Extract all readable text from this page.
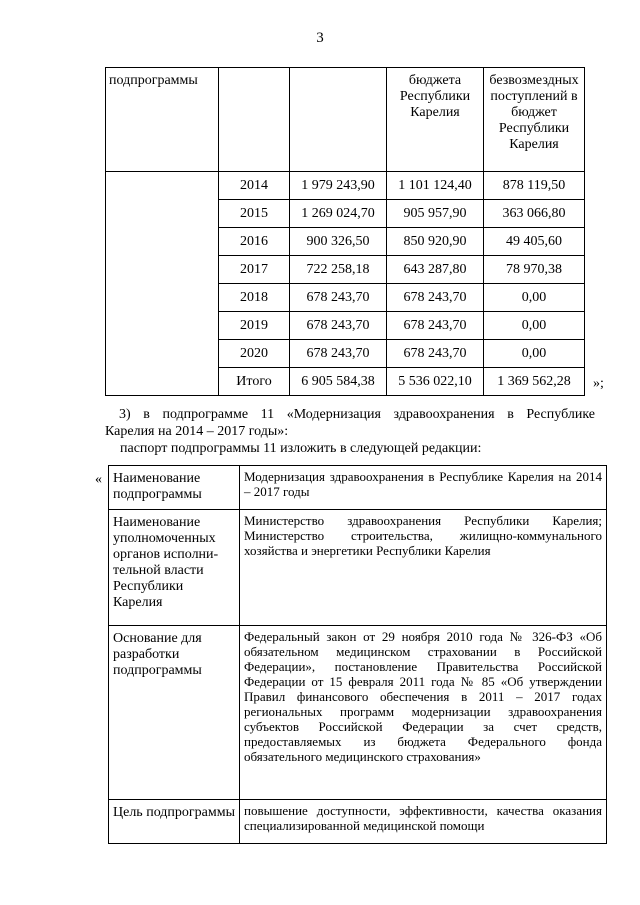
3
подпрограммы			бюджета Республики Карелия	безвозмездных поступлений в бюджет Республики Карелия
	2014	1 979 243,90	1 101 124,40	878 119,50
	2015	1 269 024,70	905 957,90	363 066,80
	2016	900 326,50	850 920,90	49 405,60
	2017	722 258,18	643 287,80	78 970,38
	2018	678 243,70	678 243,70	0,00
	2019	678 243,70	678 243,70	0,00
	2020	678 243,70	678 243,70	0,00
	Итого	6 905 584,38	5 536 022,10	1 369 562,28 »;
3) в подпрограмме 11 «Модернизация здравоохранения в Республике
Карелия на 2014 – 2017 годы»:
паспорт подпрограммы 11 изложить в следующей редакции:
« Наименование подпрограммы	Модернизация здравоохранения в Республике Карелия на 2014 – 2017 годы
Наименование уполномоченных органов исполни-тельной власти Республики Карелия	Министерство здравоохранения Республики Карелия; Министерство строительства, жилищно-коммунального хозяйства и энергетики Республики Карелия
Основание для разработки подпрограммы	Федеральный закон от 29 ноября 2010 года № 326-ФЗ «Об обязательном медицинском страховании в Российской Федерации», постановление Правительства Российской Федерации от 15 февраля 2011 года № 85 «Об утверждении Правил финансового обеспечения в 2011 – 2017 годах региональных программ модернизации здравоохранения субъектов Российской Федерации за счет средств, предоставляемых из бюджета Федерального фонда обязательного медицинского страхования»
Цель подпрограммы	повышение доступности, эффективности, качества оказания специализированной медицинской помощи
